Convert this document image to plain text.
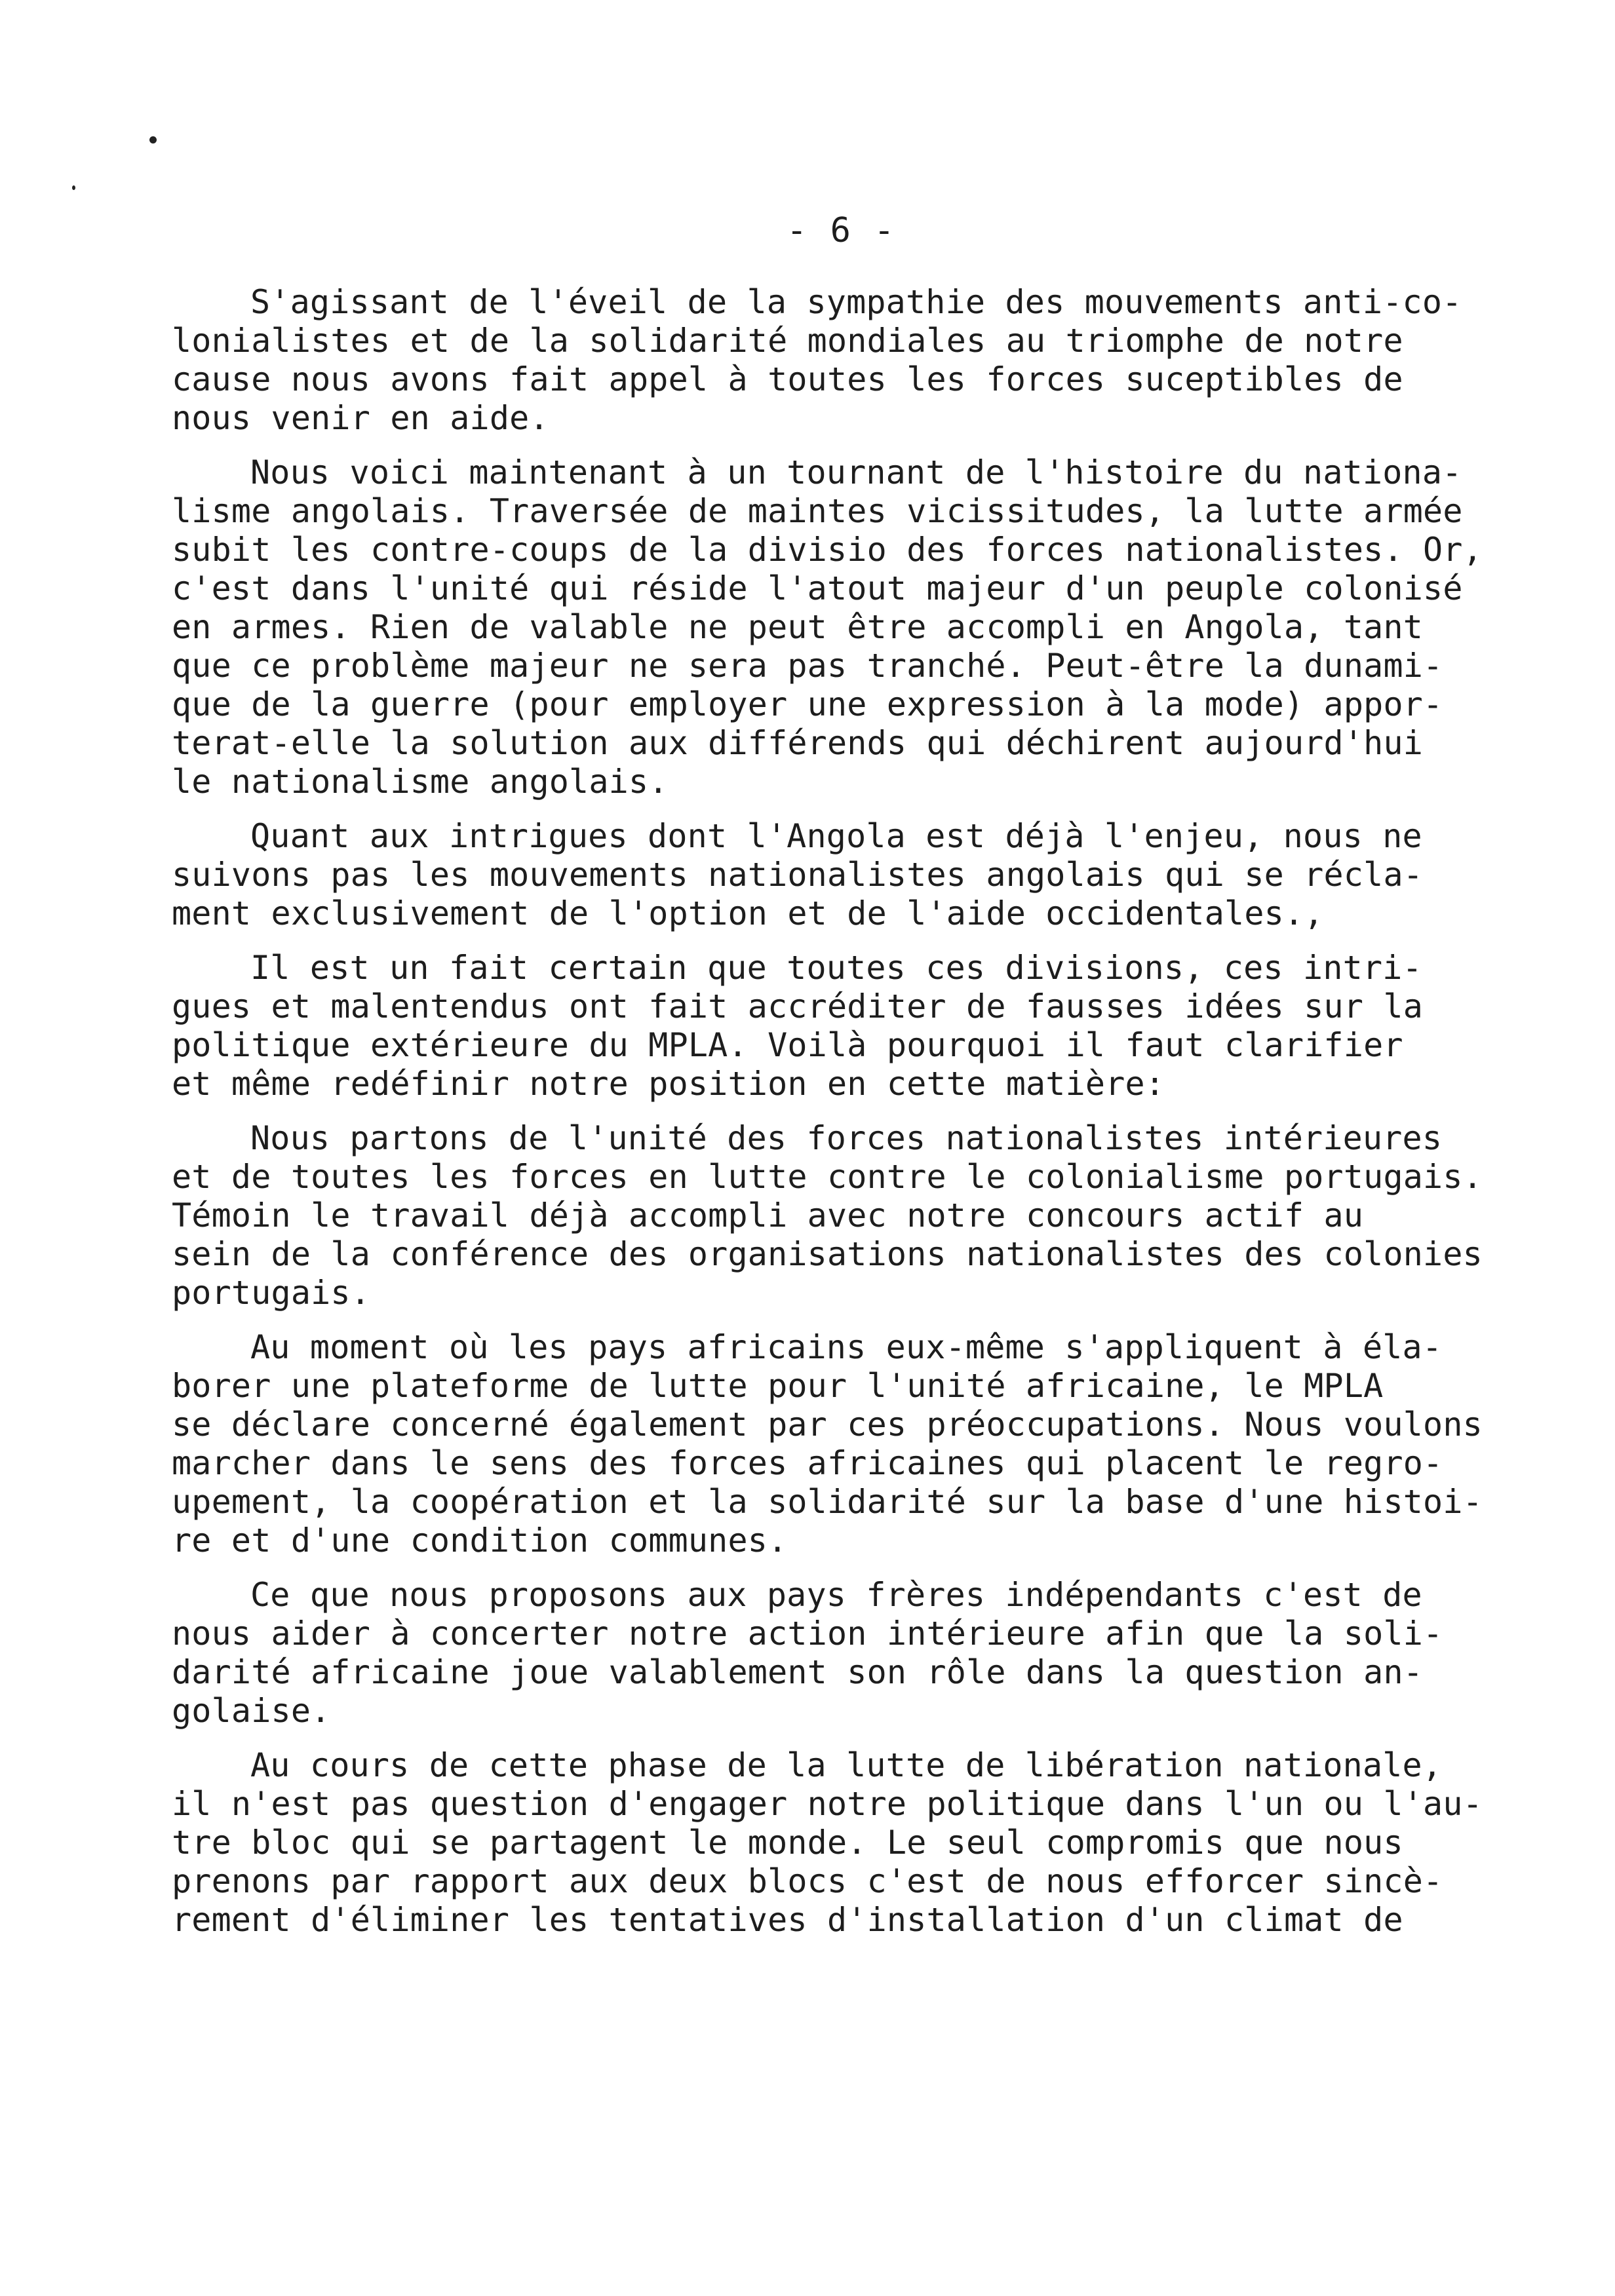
- 6 -
S'agissant de l'éveil de la sympathie des mouvements anti-co-
lonialistes et de la solidarité mondiales au triomphe de notre
cause nous avons fait appel à toutes les forces suceptibles de
nous venir en aide.
Nous voici maintenant à un tournant de l'histoire du nationa-
lisme angolais. Traversée de maintes vicissitudes, la lutte armée
subit les contre-coups de la divisio des forces nationalistes. Or,
c'est dans l'unité qui réside l'atout majeur d'un peuple colonisé
en armes. Rien de valable ne peut être accompli en Angola, tant
que ce problème majeur ne sera pas tranché. Peut-être la dunami-
que de la guerre (pour employer une expression à la mode) appor-
terat-elle la solution aux différends qui déchirent aujourd'hui
le nationalisme angolais.
Quant aux intrigues dont l'Angola est déjà l'enjeu, nous ne
suivons pas les mouvements nationalistes angolais qui se récla-
ment exclusivement de l'option et de l'aide occidentales.,
Il est un fait certain que toutes ces divisions, ces intri-
gues et malentendus ont fait accréditer de fausses idées sur la
politique extérieure du MPLA. Voilà pourquoi il faut clarifier
et même redéfinir notre position en cette matière:
Nous partons de l'unité des forces nationalistes intérieures
et de toutes les forces en lutte contre le colonialisme portugais.
Témoin le travail déjà accompli avec notre concours actif au
sein de la conférence des organisations nationalistes des colonies
portugais.
Au moment où les pays africains eux-même s'appliquent à éla-
borer une plateforme de lutte pour l'unité africaine, le MPLA
se déclare concerné également par ces préoccupations. Nous voulons
marcher dans le sens des forces africaines qui placent le regro-
upement, la coopération et la solidarité sur la base d'une histoi-
re et d'une condition communes.
Ce que nous proposons aux pays frères indépendants c'est de
nous aider à concerter notre action intérieure afin que la soli-
darité africaine joue valablement son rôle dans la question an-
golaise.
Au cours de cette phase de la lutte de libération nationale,
il n'est pas question d'engager notre politique dans l'un ou l'au-
tre bloc qui se partagent le monde. Le seul compromis que nous
prenons par rapport aux deux blocs c'est de nous efforcer sincè-
rement d'éliminer les tentatives d'installation d'un climat de
